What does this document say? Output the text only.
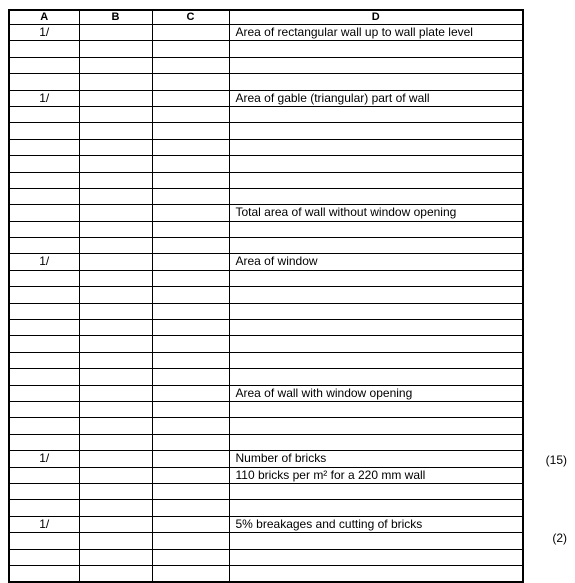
A	B	C	D
1/			Area of rectangular wall up to wall plate level

1/			Area of gable (triangular) part of wall

			Total area of wall without window opening

1/			Area of window

			Area of wall with window opening

1/			Number of bricks
			110 bricks per m² for a 220 mm wall

1/			5% breakages and cutting of bricks

(15)
(2)
